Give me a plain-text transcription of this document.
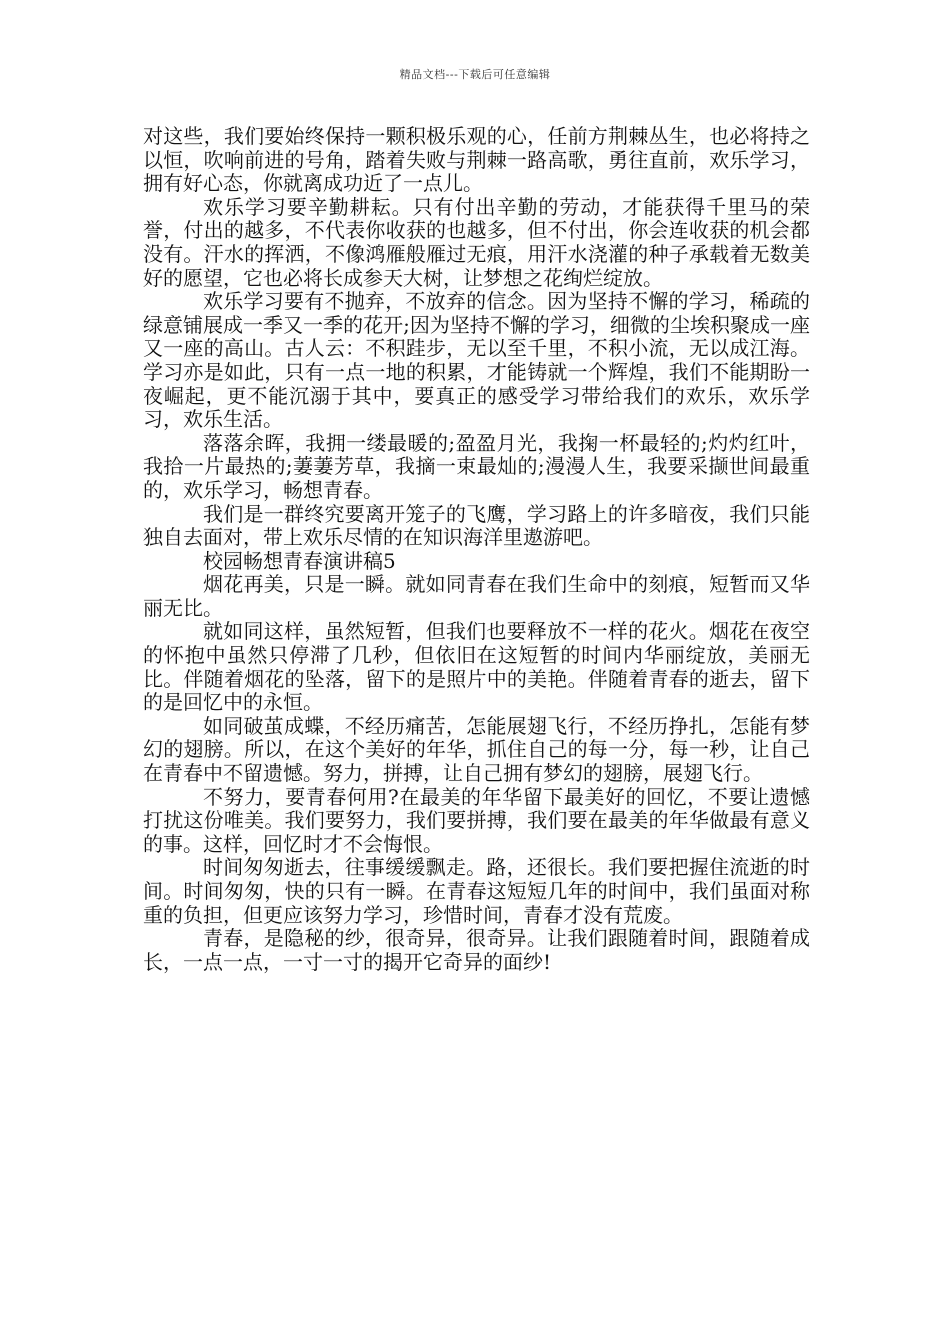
精品文档---下载后可任意编辑

对这些，我们要始终保持一颗积极乐观的心，任前方荆棘丛生，也必将持之以恒，吹响前进的号角，踏着失败与荆棘一路高歌，勇往直前，欢乐学习，拥有好心态，你就离成功近了一点儿。

欢乐学习要辛勤耕耘。只有付出辛勤的劳动，才能获得千里马的荣誉，付出的越多，不代表你收获的也越多，但不付出，你会连收获的机会都没有。汗水的挥洒，不像鸿雁般雁过无痕，用汗水浇灌的种子承载着无数美好的愿望，它也必将长成参天大树，让梦想之花绚烂绽放。

欢乐学习要有不抛弃，不放弃的信念。因为坚持不懈的学习，稀疏的绿意铺展成一季又一季的花开;因为坚持不懈的学习，细微的尘埃积聚成一座又一座的高山。古人云：不积跬步，无以至千里，不积小流，无以成江海。学习亦是如此，只有一点一地的积累，才能铸就一个辉煌，我们不能期盼一夜崛起，更不能沉溺于其中，要真正的感受学习带给我们的欢乐，欢乐学习，欢乐生活。

落落余晖，我拥一缕最暖的;盈盈月光，我掬一杯最轻的;灼灼红叶，我拾一片最热的;萋萋芳草，我摘一束最灿的;漫漫人生，我要采撷世间最重的，欢乐学习，畅想青春。

我们是一群终究要离开笼子的飞鹰，学习路上的许多暗夜，我们只能独自去面对，带上欢乐尽情的在知识海洋里遨游吧。

校园畅想青春演讲稿5

烟花再美，只是一瞬。就如同青春在我们生命中的刻痕，短暂而又华丽无比。

就如同这样，虽然短暂，但我们也要释放不一样的花火。烟花在夜空的怀抱中虽然只停滞了几秒，但依旧在这短暂的时间内华丽绽放，美丽无比。伴随着烟花的坠落，留下的是照片中的美艳。伴随着青春的逝去，留下的是回忆中的永恒。

如同破茧成蝶，不经历痛苦，怎能展翅飞行，不经历挣扎，怎能有梦幻的翅膀。所以，在这个美好的年华，抓住自己的每一分，每一秒，让自己在青春中不留遗憾。努力，拼搏，让自己拥有梦幻的翅膀，展翅飞行。

不努力，要青春何用?在最美的年华留下最美好的回忆，不要让遗憾打扰这份唯美。我们要努力，我们要拼搏，我们要在最美的年华做最有意义的事。这样，回忆时才不会悔恨。

时间匆匆逝去，往事缓缓飘走。路，还很长。我们要把握住流逝的时间。时间匆匆，快的只有一瞬。在青春这短短几年的时间中，我们虽面对称重的负担，但更应该努力学习，珍惜时间，青春才没有荒废。

青春，是隐秘的纱，很奇异，很奇异。让我们跟随着时间，跟随着成长，一点一点，一寸一寸的揭开它奇异的面纱!
